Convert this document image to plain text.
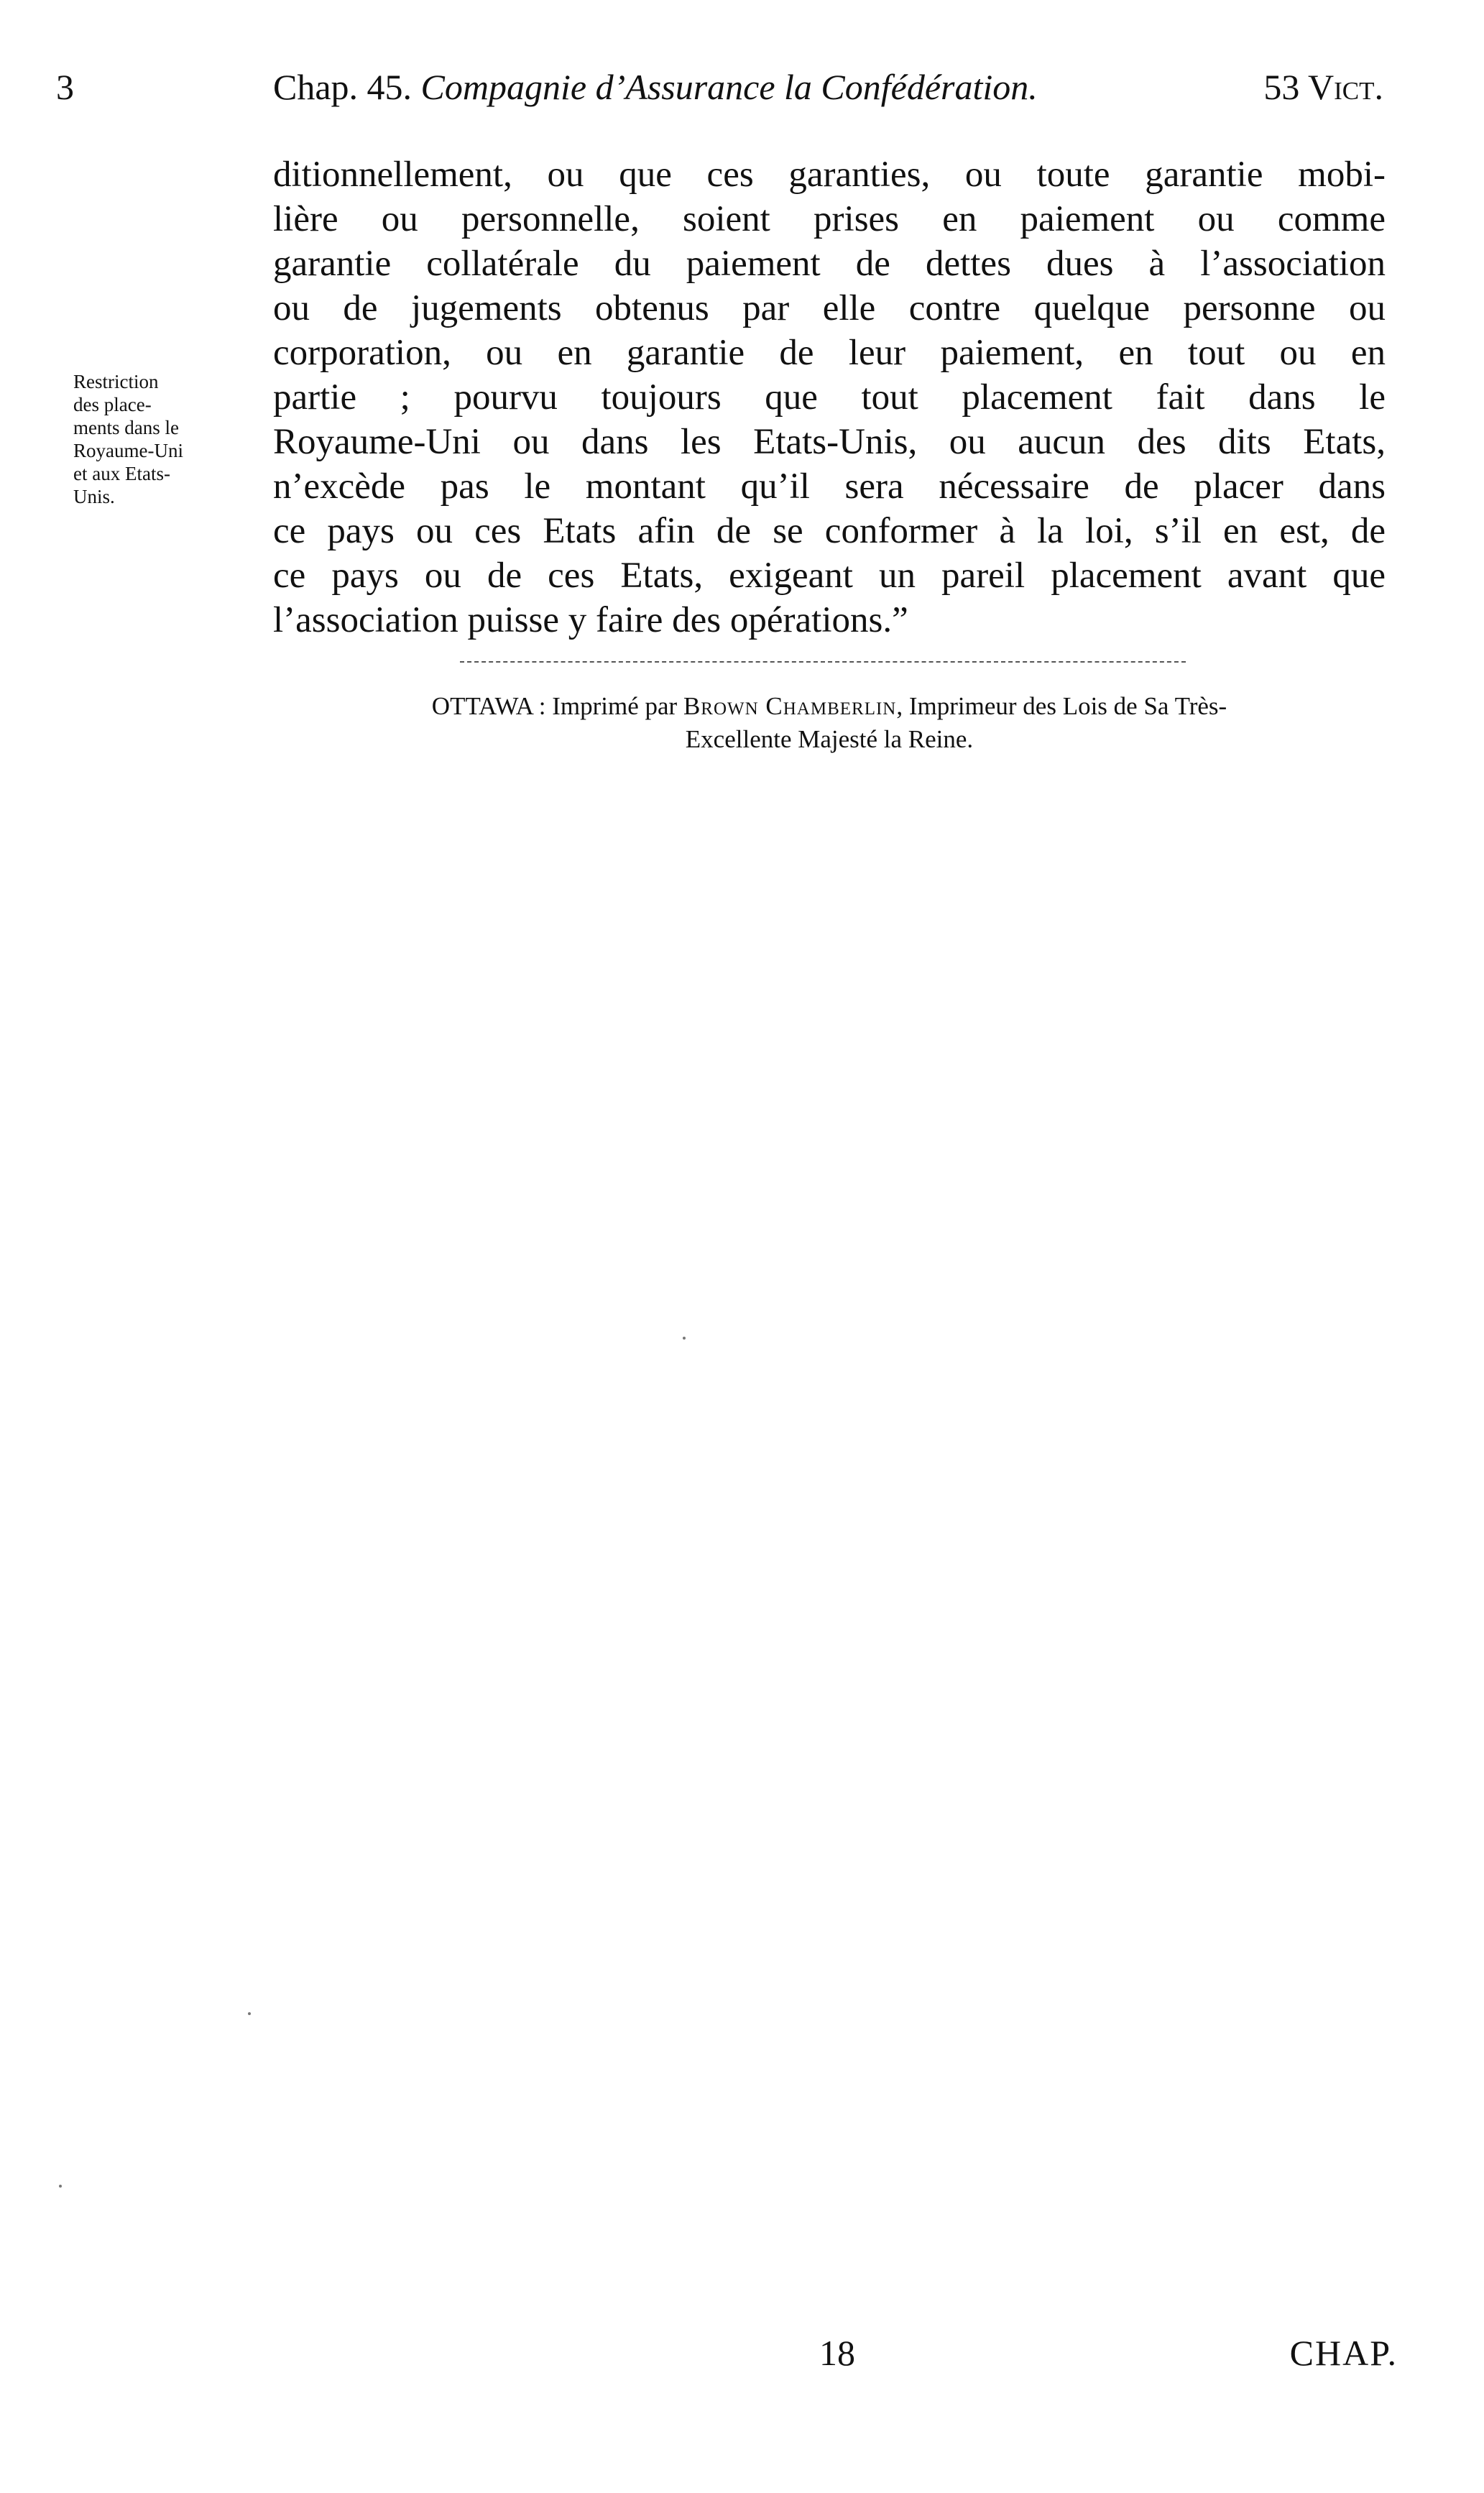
3	Chap. 45. Compagnie d’Assurance la Confédération.	53 Vict.
ditionnellement, ou que ces garanties, ou toute garantie mobi-
lière ou personnelle, soient prises en paiement ou comme
garantie collatérale du paiement de dettes dues à l’association
ou de jugements obtenus par elle contre quelque personne ou
corporation, ou en garantie de leur paiement, en tout ou en
partie ; pourvu toujours que tout placement fait dans le
Royaume-Uni ou dans les Etats-Unis, ou aucun des dits Etats,
n’excède pas le montant qu’il sera nécessaire de placer dans
ce pays ou ces Etats afin de se conformer à la loi, s’il en est, de
ce pays ou de ces Etats, exigeant un pareil placement avant que
l’association puisse y faire des opérations.”
Restriction
des place-
ments dans le
Royaume-Uni
et aux Etats-
Unis.
OTTAWA : Imprimé par Brown Chamberlin, Imprimeur des Lois de Sa Très-
Excellente Majesté la Reine.
18	CHAP.
